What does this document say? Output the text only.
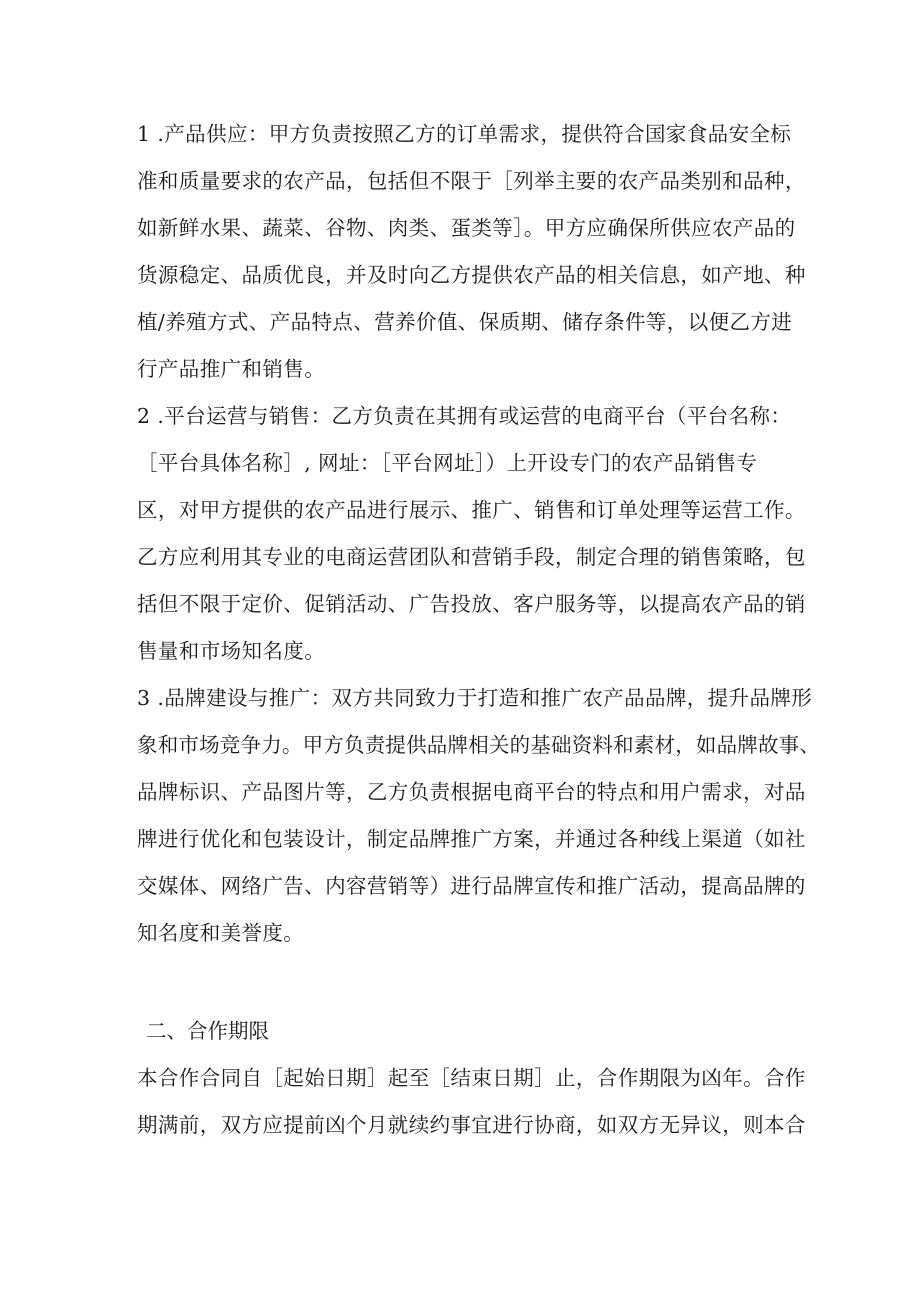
1 .产品供应：甲方负责按照乙方的订单需求，提供符合国家食品安全标
准和质量要求的农产品，包括但不限于［列举主要的农产品类别和品种，
如新鲜水果、蔬菜、谷物、肉类、蛋类等］。甲方应确保所供应农产品的
货源稳定、品质优良，并及时向乙方提供农产品的相关信息，如产地、种
植/养殖方式、产品特点、营养价值、保质期、储存条件等，以便乙方进
行产品推广和销售。
2 .平台运营与销售：乙方负责在其拥有或运营的电商平台（平台名称：
［平台具体名称］, 网址：［平台网址］）上开设专门的农产品销售专
区，对甲方提供的农产品进行展示、推广、销售和订单处理等运营工作。
乙方应利用其专业的电商运营团队和营销手段，制定合理的销售策略，包
括但不限于定价、促销活动、广告投放、客户服务等，以提高农产品的销
售量和市场知名度。
3 .品牌建设与推广：双方共同致力于打造和推广农产品品牌，提升品牌形
象和市场竞争力。甲方负责提供品牌相关的基础资料和素材，如品牌故事、
品牌标识、产品图片等，乙方负责根据电商平台的特点和用户需求，对品
牌进行优化和包装设计，制定品牌推广方案，并通过各种线上渠道（如社
交媒体、网络广告、内容营销等）进行品牌宣传和推广活动，提高品牌的
知名度和美誉度。
二、合作期限
本合作合同自［起始日期］起至［结束日期］止，合作期限为凶年。合作
期满前，双方应提前凶个月就续约事宜进行协商，如双方无异议，则本合
